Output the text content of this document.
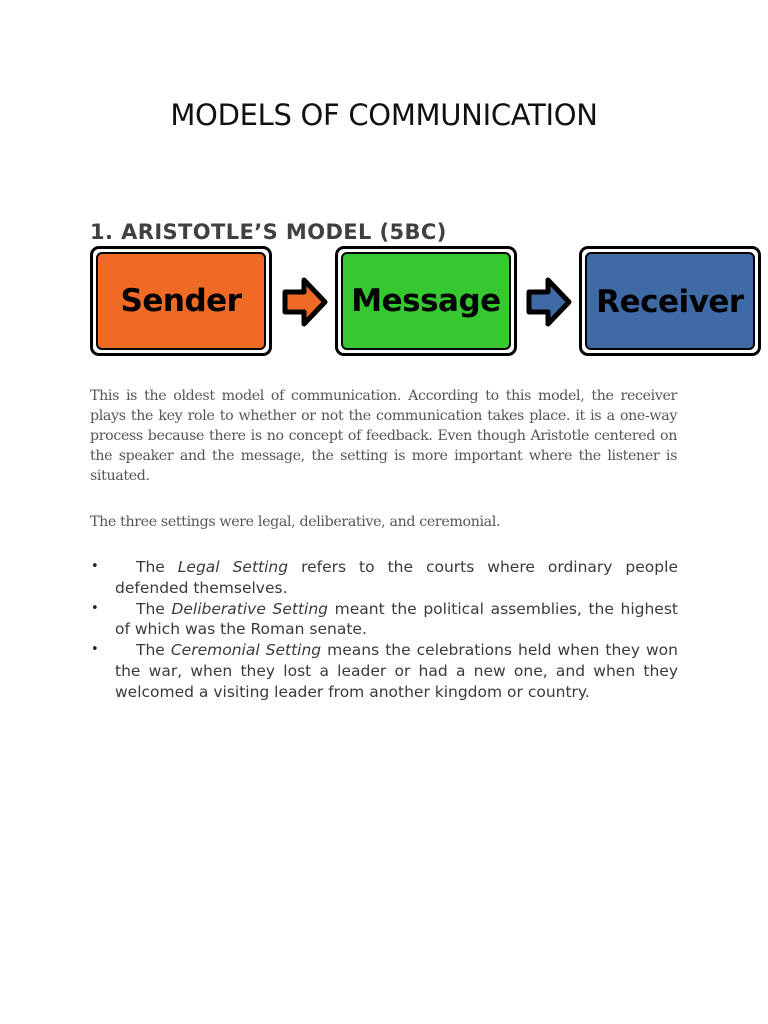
MODELS OF COMMUNICATION
1. ARISTOTLE’S MODEL (5BC)
Sender	Message	Receiver

This is the oldest model of communication. According to this model, the receiver plays the key role to whether or not the communication takes place. it is a one-way process because there is no concept of feedback. Even though Aristotle centered on the speaker and the message, the setting is more important where the listener is situated.

The three settings were legal, deliberative, and ceremonial.

• The Legal Setting refers to the courts where ordinary people defended themselves.
• The Deliberative Setting meant the political assemblies, the highest of which was the Roman senate.
• The Ceremonial Setting means the celebrations held when they won the war, when they lost a leader or had a new one, and when they welcomed a visiting leader from another kingdom or country.
